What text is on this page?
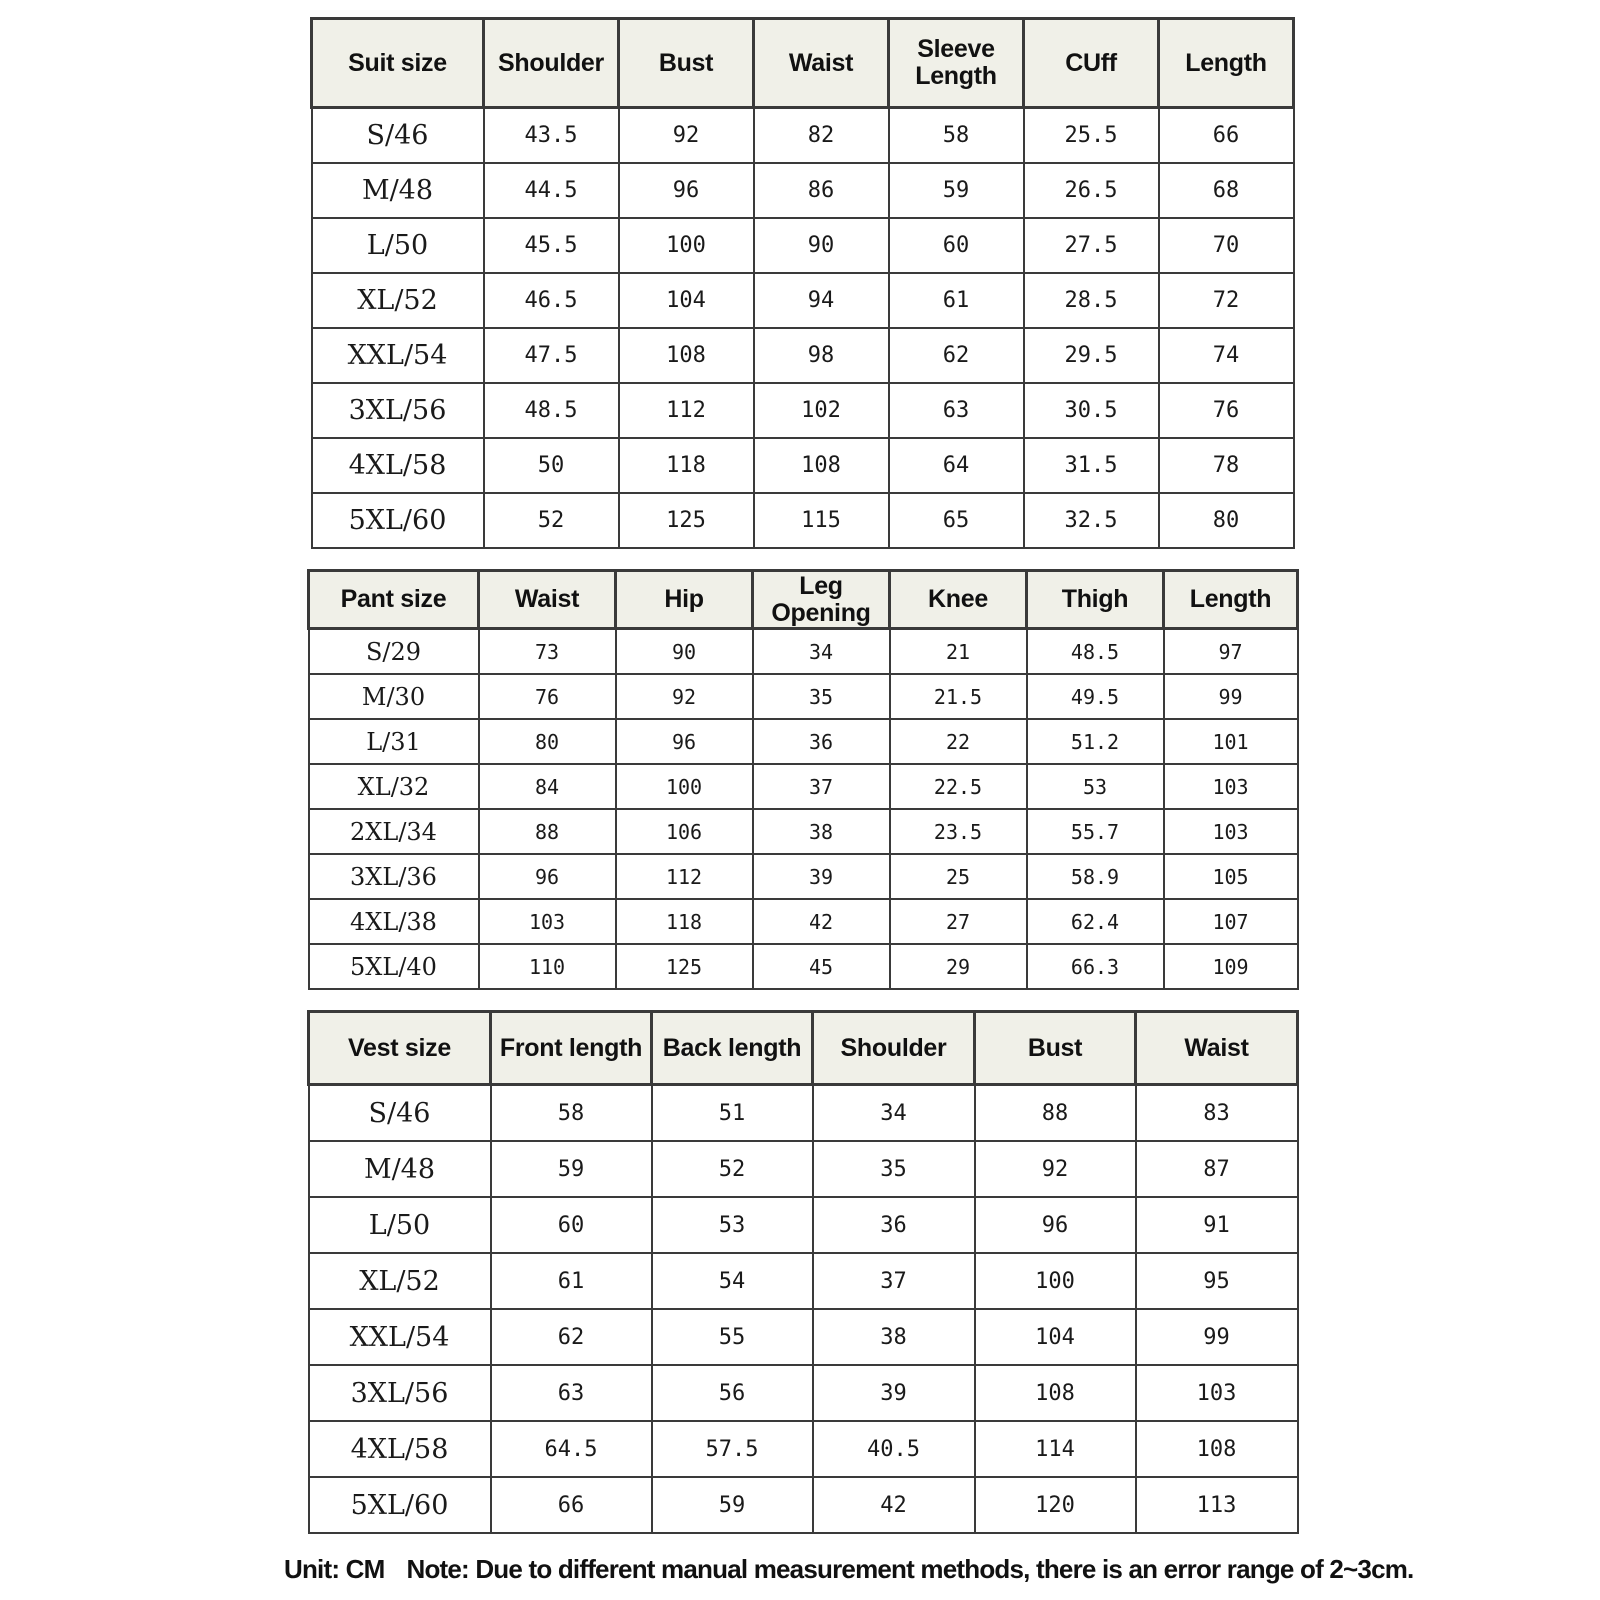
Suit size	Shoulder	Bust	Waist	Sleeve Length	CUff	Length
S/46	43.5	92	82	58	25.5	66
M/48	44.5	96	86	59	26.5	68
L/50	45.5	100	90	60	27.5	70
XL/52	46.5	104	94	61	28.5	72
XXL/54	47.5	108	98	62	29.5	74
3XL/56	48.5	112	102	63	30.5	76
4XL/58	50	118	108	64	31.5	78
5XL/60	52	125	115	65	32.5	80
Pant size	Waist	Hip	Leg Opening	Knee	Thigh	Length
S/29	73	90	34	21	48.5	97
M/30	76	92	35	21.5	49.5	99
L/31	80	96	36	22	51.2	101
XL/32	84	100	37	22.5	53	103
2XL/34	88	106	38	23.5	55.7	103
3XL/36	96	112	39	25	58.9	105
4XL/38	103	118	42	27	62.4	107
5XL/40	110	125	45	29	66.3	109
Vest size	Front length	Back length	Shoulder	Bust	Waist
S/46	58	51	34	88	83
M/48	59	52	35	92	87
L/50	60	53	36	96	91
XL/52	61	54	37	100	95
XXL/54	62	55	38	104	99
3XL/56	63	56	39	108	103
4XL/58	64.5	57.5	40.5	114	108
5XL/60	66	59	42	120	113
Unit: CM Note: Due to different manual measurement methods, there is an error range of 2~3cm.
